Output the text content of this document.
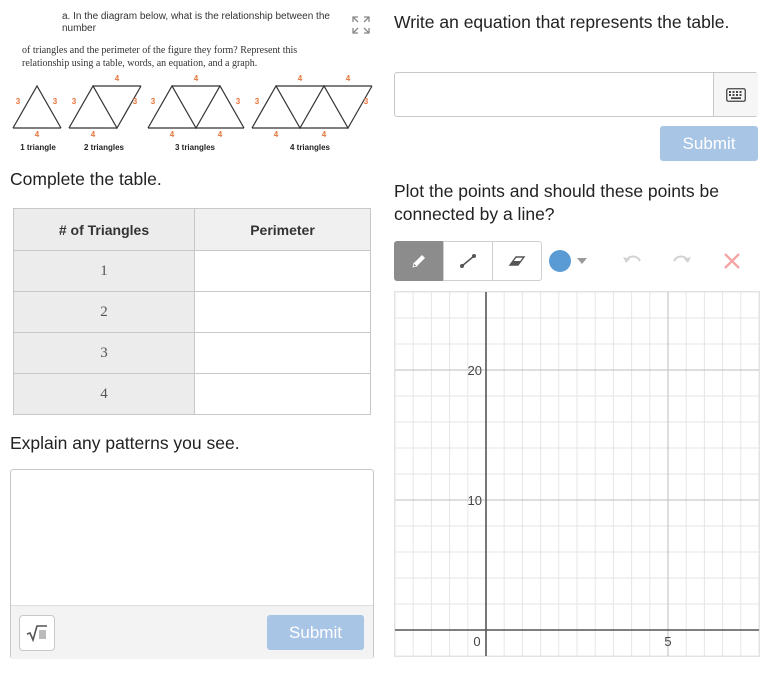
a. In the diagram below, what is the relationship between the number
of triangles and the perimeter of the figure they form? Represent this relationship using a table, words, an equation, and a graph.
3	3
4
1 triangle
3	3
4
4
2 triangles
3	3
4
4	4
3 triangles
3	3
4	4
4	4
4 triangles
Complete the table.
# of Triangles	Perimeter
1	
2	
3	
4	
Explain any patterns you see.
Submit
Write an equation that represents the table.
Submit
Plot the points and should these points be connected by a line?
0	5
10
20
